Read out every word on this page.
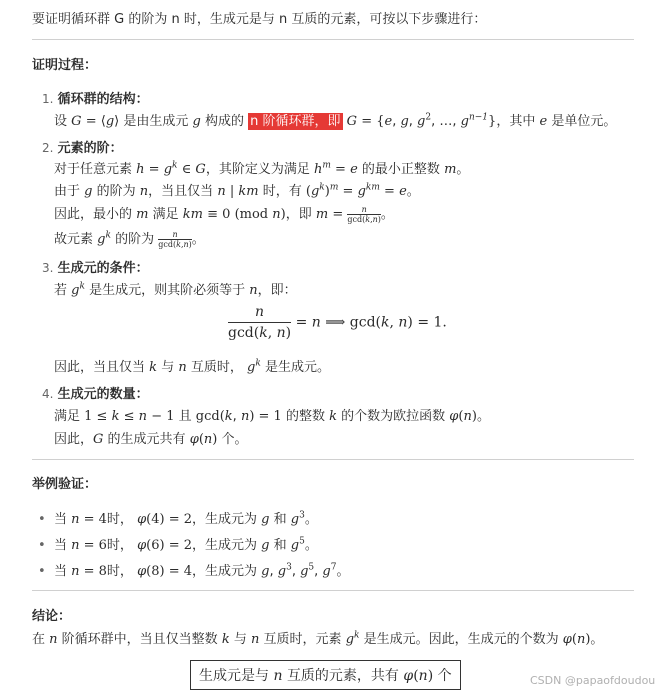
要证明循环群 G 的阶为 n 时，生成元是与 n 互质的元素，可按以下步骤进行：
证明过程：
1. 循环群的结构：
设 G = ⟨g⟩ 是由生成元 g 构成的 n 阶循环群，即 G = {e, g, $g^2$, …, $g^{n-1}$}，其中 e 是单位元。
2. 元素的阶：
对于任意元素 $h = g^k$ ∈ G，其阶定义为满足 $h^m = e$ 的最小正整数 m。
由于 g 的阶为 n，当且仅当 n | km 时，有 $(g^k)^m = g^{km} = e$。
因此，最小的 m 满足 km ≡ 0 (mod n)，即 $m = \frac{n}{\gcd(k,n)}$ 。
故元素 $g^k$ 的阶为 $\frac{n}{\gcd(k,n)}$ 。
3. 生成元的条件：
若 $g^k$ 是生成元，则其阶必须等于 n，即：
n
gcd(k, n)
= n ⟹ gcd(k, n) = 1.
因此，当且仅当 k 与 n 互质时， $g^k$ 是生成元。
4. 生成元的数量：
满足 1 ≤ k ≤ n − 1 且 gcd(k, n) = 1 的整数 k 的个数为欧拉函数 φ(n)。
因此，G 的生成元共有 φ(n) 个。
举例验证：
• 当 n = 4时， φ(4) = 2，生成元为 g 和 $g^3$。
• 当 n = 6时， φ(6) = 2，生成元为 g 和 $g^5$。
• 当 n = 8时， φ(8) = 4，生成元为 g, $g^3$, $g^5$, $g^7$。
结论：
在 n 阶循环群中，当且仅当整数 k 与 n 互质时，元素 $g^k$ 是生成元。因此，生成元的个数为 φ(n)。
生成元是与 n 互质的元素，共有 φ(n) 个	CSDN @papaofdoudou
